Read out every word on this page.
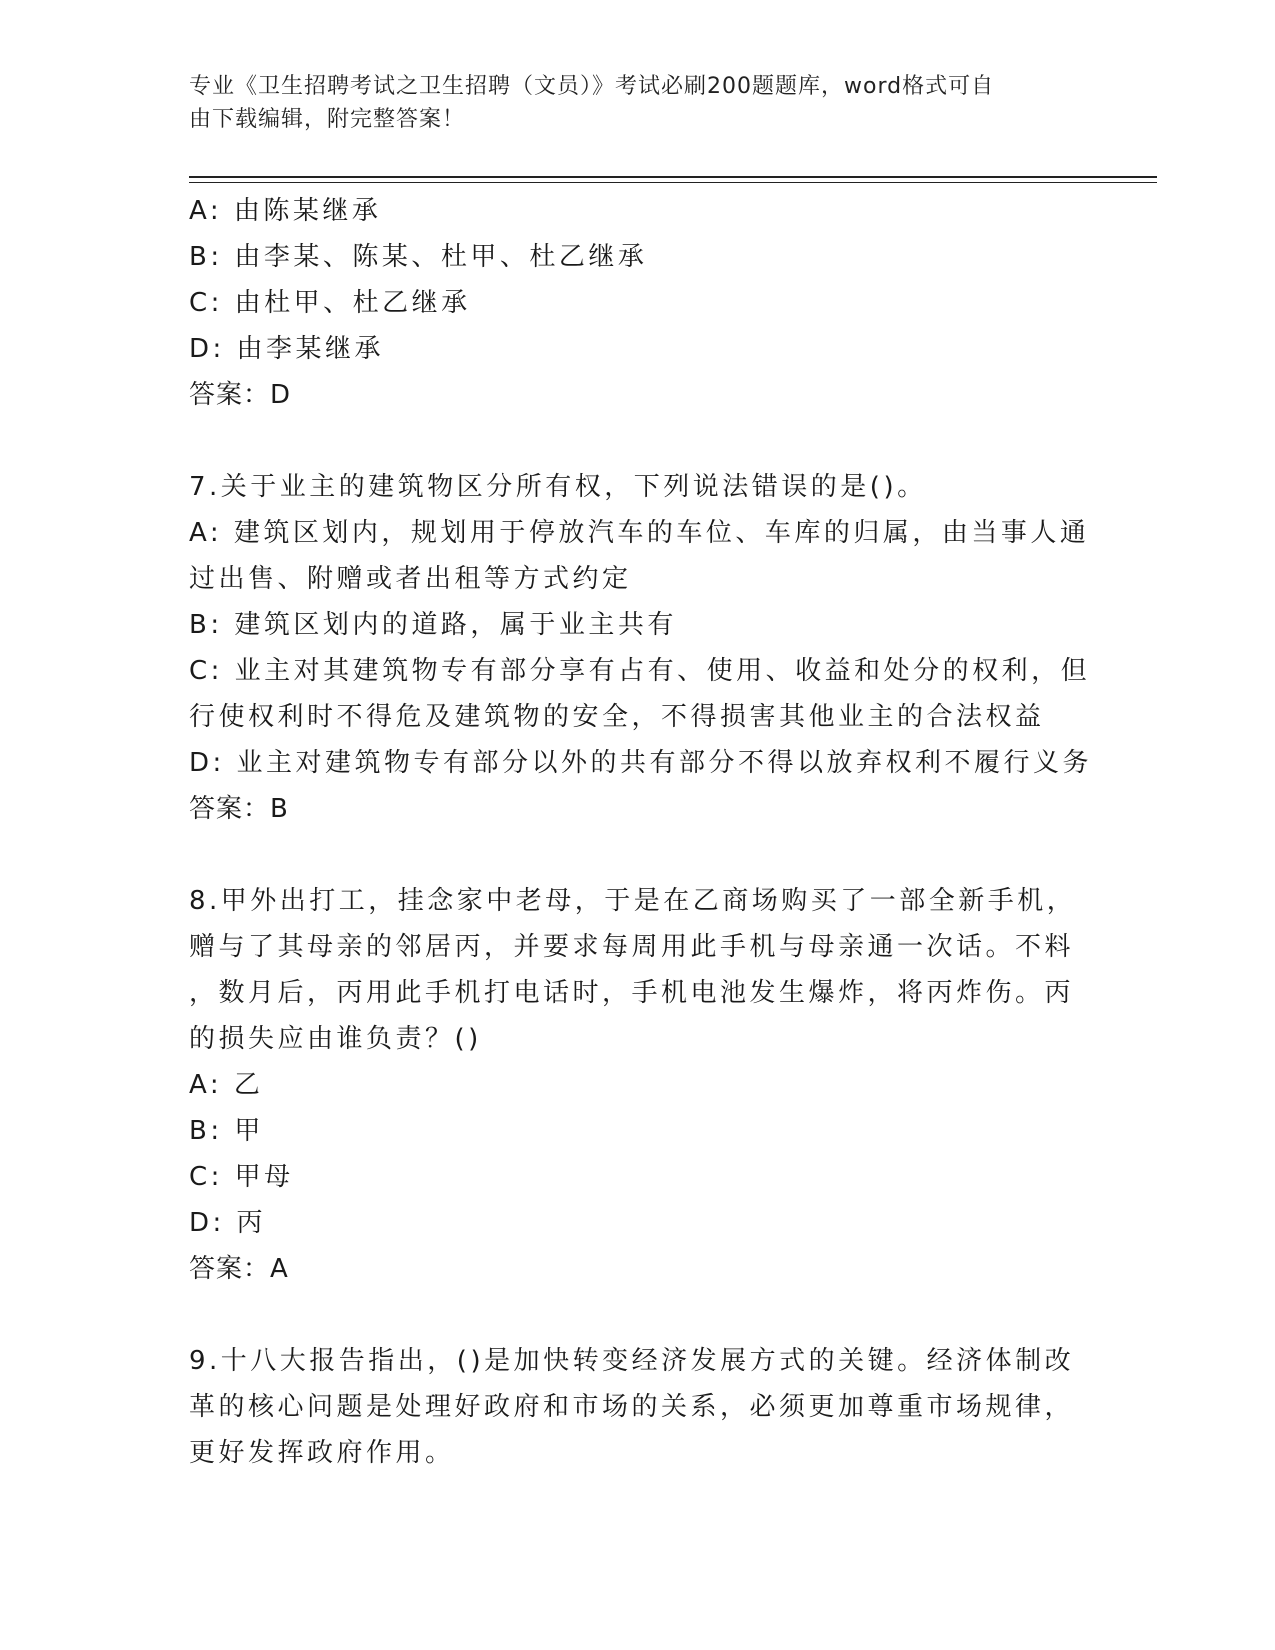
专业《卫生招聘考试之卫生招聘（文员）》考试必刷200题题库，word格式可自
由下载编辑，附完整答案！
A: 由陈某继承
B: 由李某、陈某、杜甲、杜乙继承
C: 由杜甲、杜乙继承
D: 由李某继承
答案：D
7.关于业主的建筑物区分所有权，下列说法错误的是()。
A: 建筑区划内，规划用于停放汽车的车位、车库的归属，由当事人通
过出售、附赠或者出租等方式约定
B: 建筑区划内的道路，属于业主共有
C: 业主对其建筑物专有部分享有占有、使用、收益和处分的权利，但
行使权利时不得危及建筑物的安全，不得损害其他业主的合法权益
D: 业主对建筑物专有部分以外的共有部分不得以放弃权利不履行义务
答案：B
8.甲外出打工，挂念家中老母，于是在乙商场购买了一部全新手机，
赠与了其母亲的邻居丙，并要求每周用此手机与母亲通一次话。不料
，数月后，丙用此手机打电话时，手机电池发生爆炸，将丙炸伤。丙
的损失应由谁负责？()
A: 乙
B: 甲
C: 甲母
D: 丙
答案：A
9.十八大报告指出，()是加快转变经济发展方式的关键。经济体制改
革的核心问题是处理好政府和市场的关系，必须更加尊重市场规律，
更好发挥政府作用。
